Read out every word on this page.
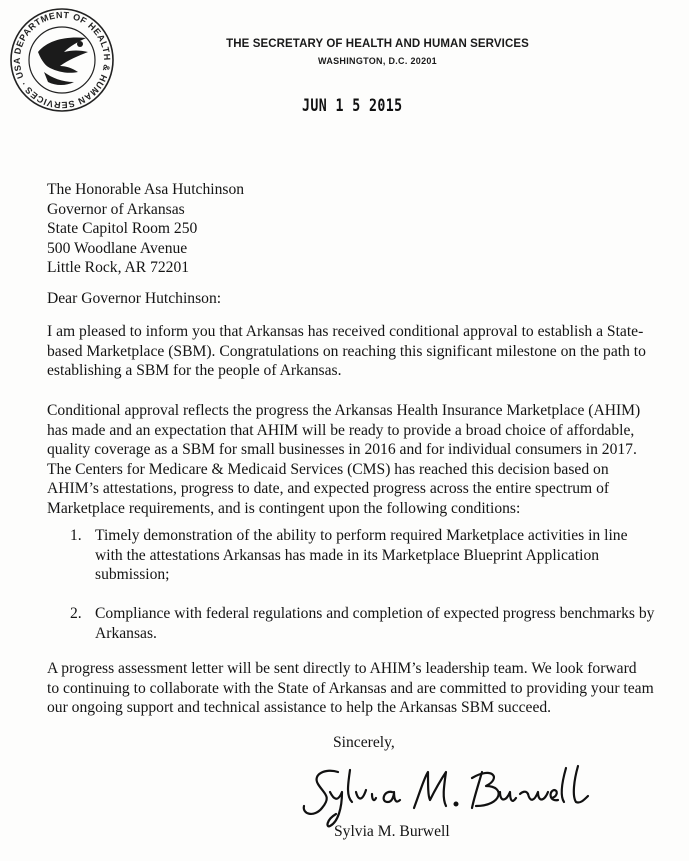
DEPARTMENT OF HEALTH & HUMAN SERVICES · USA
THE SECRETARY OF HEALTH AND HUMAN SERVICES
WASHINGTON, D.C. 20201
JUN 1 5 2015
The Honorable Asa Hutchinson
Governor of Arkansas
State Capitol Room 250
500 Woodlane Avenue
Little Rock, AR 72201
Dear Governor Hutchinson:
I am pleased to inform you that Arkansas has received conditional approval to establish a State-
based Marketplace (SBM). Congratulations on reaching this significant milestone on the path to
establishing a SBM for the people of Arkansas.
Conditional approval reflects the progress the Arkansas Health Insurance Marketplace (AHIM)
has made and an expectation that AHIM will be ready to provide a broad choice of affordable,
quality coverage as a SBM for small businesses in 2016 and for individual consumers in 2017.
The Centers for Medicare & Medicaid Services (CMS) has reached this decision based on
AHIM’s attestations, progress to date, and expected progress across the entire spectrum of
Marketplace requirements, and is contingent upon the following conditions:
1. Timely demonstration of the ability to perform required Marketplace activities in line
with the attestations Arkansas has made in its Marketplace Blueprint Application
submission;
2. Compliance with federal regulations and completion of expected progress benchmarks by
Arkansas.
A progress assessment letter will be sent directly to AHIM’s leadership team. We look forward
to continuing to collaborate with the State of Arkansas and are committed to providing your team
our ongoing support and technical assistance to help the Arkansas SBM succeed.
Sincerely,
Sylvia M. Burwell
